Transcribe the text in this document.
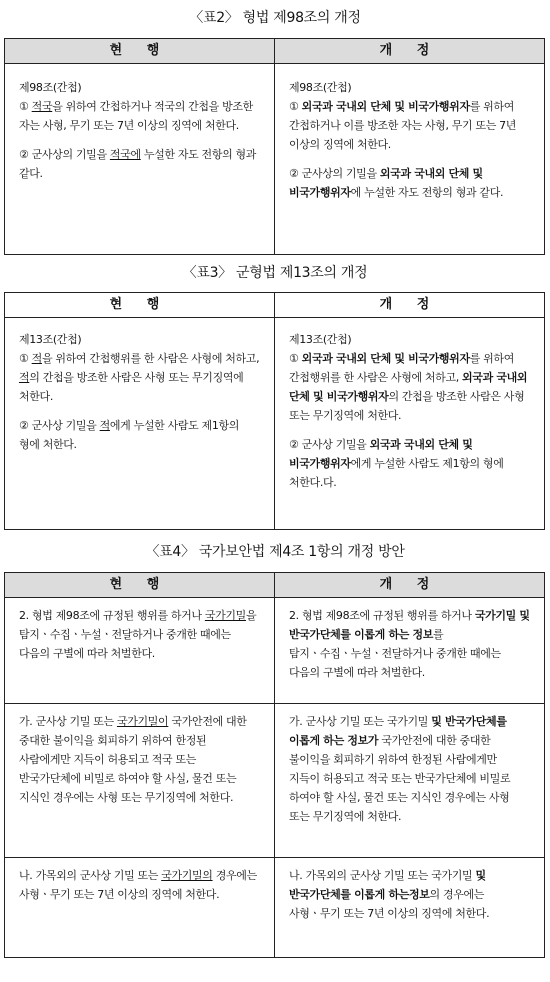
〈표2〉 형법 제98조의 개정
현 행	개 정

제98조(간첩)
① 적국을 위하여 간첩하거나 적국의 간첩을 방조한 자는 사형, 무기 또는 7년 이상의 징역에 처한다.
② 군사상의 기밀을 적국에 누설한 자도 전항의 형과 같다.	제98조(간첩)
① 외국과 국내외 단체 및 비국가행위자를 위하여 간첩하거나 이를 방조한 자는 사형, 무기 또는 7년 이상의 징역에 처한다.
② 군사상의 기밀을 외국과 국내외 단체 및 비국가행위자에 누설한 자도 전항의 형과 같다.
〈표3〉 군형법 제13조의 개정
현 행	개 정

제13조(간첩)
① 적을 위하여 간첩행위를 한 사람은 사형에 처하고, 적의 간첩을 방조한 사람은 사형 또는 무기징역에 처한다.
② 군사상 기밀을 적에게 누설한 사람도 제1항의 형에 처한다.	제13조(간첩)
① 외국과 국내외 단체 및 비국가행위자를 위하여 간첩행위를 한 사람은 사형에 처하고, 외국과 국내외 단체 및 비국가행위자의 간첩을 방조한 사람은 사형 또는 무기징역에 처한다.
② 군사상 기밀을 외국과 국내외 단체 및 비국가행위자에게 누설한 사람도 제1항의 형에 처한다.다.
〈표4〉 국가보안법 제4조 1항의 개정 방안
현 행	개 정
2. 형법 제98조에 규정된 행위를 하거나 국가기밀을 탐지ㆍ수집ㆍ누설ㆍ전달하거나 중개한 때에는 다음의 구별에 따라 처벌한다.	2. 형법 제98조에 규정된 행위를 하거나 국가기밀 및 반국가단체를 이롭게 하는 정보를 탐지ㆍ수집ㆍ누설ㆍ전달하거나 중개한 때에는 다음의 구별에 따라 처벌한다.
가. 군사상 기밀 또는 국가기밀이 국가안전에 대한 중대한 불이익을 회피하기 위하여 한정된 사람에게만 지득이 허용되고 적국 또는 반국가단체에 비밀로 하여야 할 사실, 물건 또는 지식인 경우에는 사형 또는 무기징역에 처한다.	가. 군사상 기밀 또는 국가기밀 및 반국가단체를 이롭게 하는 정보가 국가안전에 대한 중대한 불이익을 회피하기 위하여 한정된 사람에게만 지득이 허용되고 적국 또는 반국가단체에 비밀로 하여야 할 사실, 물건 또는 지식인 경우에는 사형 또는 무기징역에 처한다.
나. 가목외의 군사상 기밀 또는 국가기밀의 경우에는 사형ㆍ무기 또는 7년 이상의 징역에 처한다.	나. 가목외의 군사상 기밀 또는 국가기밀 및 반국가단체를 이롭게 하는정보의 경우에는 사형ㆍ무기 또는 7년 이상의 징역에 처한다.
